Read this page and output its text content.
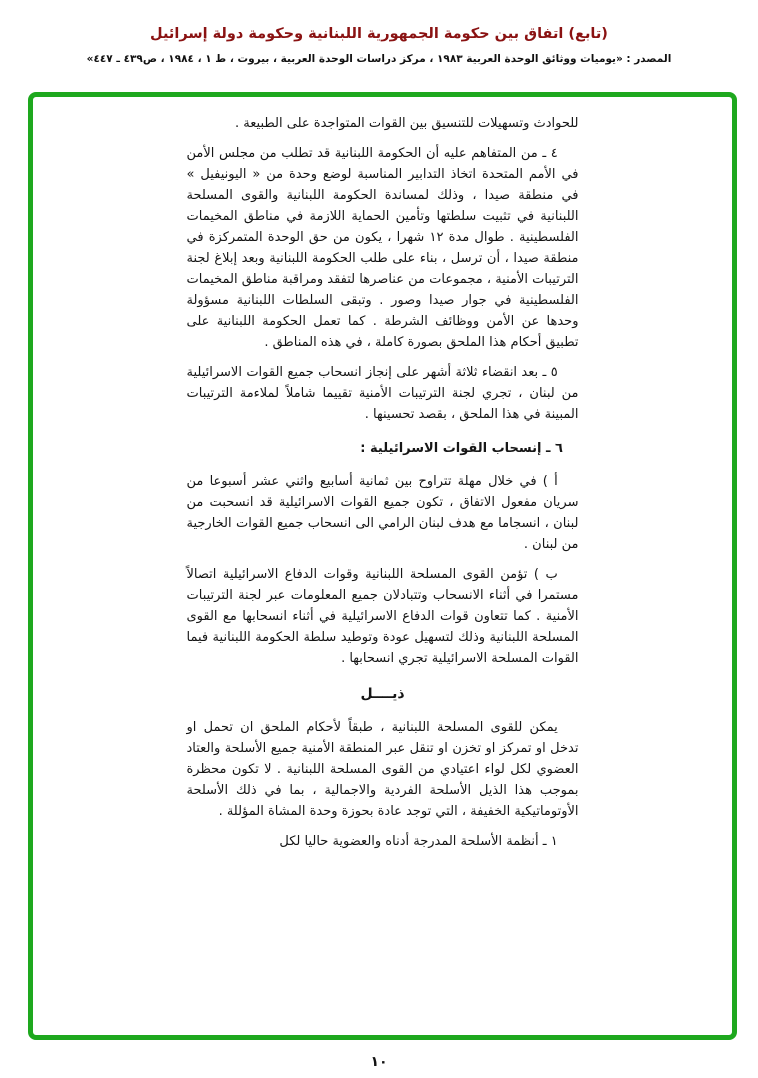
(تابع) اتفاق بين حكومة الجمهورية اللبنانية وحكومة دولة إسرائيل
المصدر : «يوميات ووثائق الوحدة العربية ١٩٨٣ ، مركز دراسات الوحدة العربية ، بيروت ، ط ١ ، ١٩٨٤ ، ص٤٣٩ ـ ٤٤٧»

للحوادث وتسهيلات للتنسيق بين القوات المتواجدة على الطبيعة .

٤ ـ من المتفاهم عليه أن الحكومة اللبنانية قد تطلب من مجلس الأمن في الأمم المتحدة اتخاذ التدابير المناسبة لوضع وحدة من « اليونيفيل » في منطقة صيدا ، وذلك لمساندة الحكومة اللبنانية والقوى المسلحة اللبنانية في تثبيت سلطتها وتأمين الحماية اللازمة في مناطق المخيمات الفلسطينية . طوال مدة ١٢ شهرا ، يكون من حق الوحدة المتمركزة في منطقة صيدا ، أن ترسل ، بناء على طلب الحكومة اللبنانية وبعد إبلاغ لجنة الترتيبات الأمنية ، مجموعات من عناصرها لتفقد ومراقبة مناطق المخيمات الفلسطينية في جوار صيدا وصور . وتبقى السلطات اللبنانية مسؤولة وحدها عن الأمن ووظائف الشرطة . كما تعمل الحكومة اللبنانية على تطبيق أحكام هذا الملحق بصورة كاملة ، في هذه المناطق .

٥ ـ بعد انقضاء ثلاثة أشهر على إنجاز انسحاب جميع القوات الاسرائيلية من لبنان ، تجري لجنة الترتيبات الأمنية تقييما شاملاً لملاءمة الترتيبات المبينة في هذا الملحق ، بقصد تحسينها .

٦ ـ إنسحاب القوات الاسرائيلية :

أ ) في خلال مهلة تتراوح بين ثمانية أسابيع واثني عشر أسبوعا من سريان مفعول الاتفاق ، تكون جميع القوات الاسرائيلية قد انسحبت من لبنان ، انسجاما مع هدف لبنان الرامي الى انسحاب جميع القوات الخارجية من لبنان .

ب ) تؤمن القوى المسلحة اللبنانية وقوات الدفاع الاسرائيلية اتصالاً مستمرا في أثناء الانسحاب وتتبادلان جميع المعلومات عبر لجنة الترتيبات الأمنية . كما تتعاون قوات الدفاع الاسرائيلية في أثناء انسحابها مع القوى المسلحة اللبنانية وذلك لتسهيل عودة وتوطيد سلطة الحكومة اللبنانية فيما القوات المسلحة الاسرائيلية تجري انسحابها .

ذيــــل

يمكن للقوى المسلحة اللبنانية ، طبقاً لأحكام الملحق ان تحمل او تدخل او تمركز او تخزن او تنقل عبر المنطقة الأمنية جميع الأسلحة والعتاد العضوي لكل لواء اعتيادي من القوى المسلحة اللبنانية . لا تكون محظرة بموجب هذا الذيل الأسلحة الفردية والاجمالية ، بما في ذلك الأسلحة الأوتوماتيكية الخفيفة ، التي توجد عادة بحوزة وحدة المشاة المؤللة .

١ ـ أنظمة الأسلحة المدرجة أدناه والعضوية حاليا لكل

١٠
